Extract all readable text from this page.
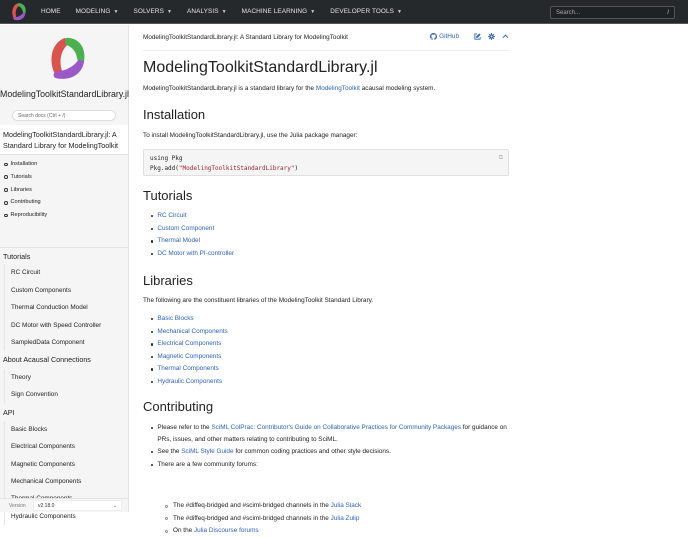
HOME MODELING ▼ SOLVERS ▼ ANALYSIS ▼ MACHINE LEARNING ▼ DEVELOPER TOOLS ▼	Search...	/
ModelingToolkitStandardLibrary.jl
Search docs (Ctrl + /)
ModelingToolkitStandardLibrary.jl: A Standard Library for ModelingToolkit
Installation
Tutorials
Libraries
Contributing
Reproducibility
Tutorials
RC Circuit
Custom Components
Thermal Conduction Model
DC Motor with Speed Controller
SampledData Component
About Acausal Connections
Theory
Sign Convention
API
Basic Blocks
Electrical Components
Magnetic Components
Mechanical Components
Hydraulic Components
Version	v2.18.0	⌄
ModelingToolkitStandardLibrary.jl: A Standard Library for ModelingToolkit	GitHub
ModelingToolkitStandardLibrary.jl
ModelingToolkitStandardLibrary.jl is a standard library for the ModelingToolkit acausal modeling system.
Installation
To install ModelingToolkitStandardLibrary.jl, use the Julia package manager:
using Pkg
Pkg.add("ModelingToolkitStandardLibrary")
⧉
Tutorials
RC Circuit
Custom Component
Thermal Model
DC Motor with PI-controller
Libraries
The following are the constituent libraries of the ModelingToolkit Standard Library.
Basic Blocks
Mechanical Components
Electrical Components
Magnetic Components
Thermal Components
Hydraulic Components
Contributing
Please refer to the SciML ColPrac: Contributor's Guide on Collaborative Practices for Community Packages for guidance on PRs, issues, and other matters relating to contributing to SciML.
See the
SciML Style Guide for common coding practices and other style decisions.
There are a few community forums:
The #diffeq-bridged and #sciml-bridged channels in the Julia Slack
The #diffeq-bridged and #sciml-bridged channels in the Julia Zulip
On the Julia Discourse forums
